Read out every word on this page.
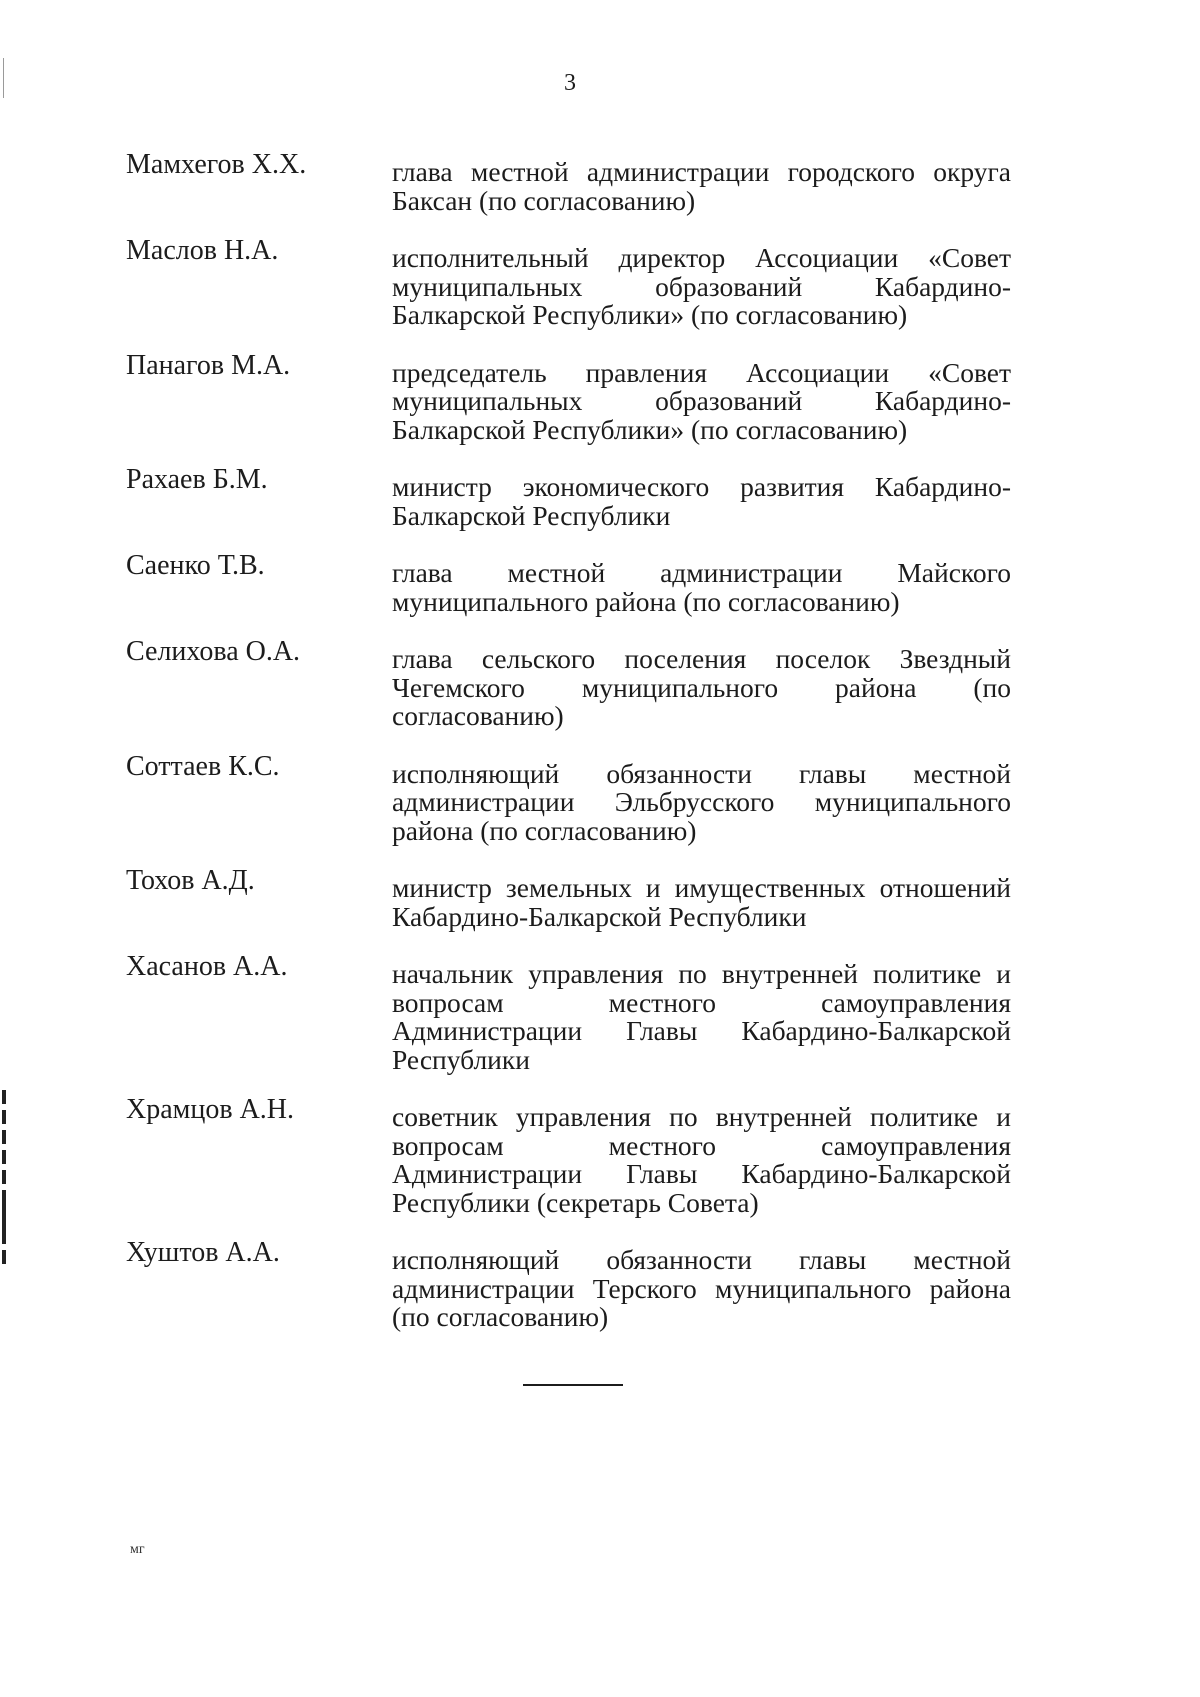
3
Мамхегов Х.Х.	глава местной администрации городского округа Баксан (по согласованию)
Маслов Н.А.	исполнительный директор Ассоциации «Совет муниципальных образований Кабардино-Балкарской Республики» (по согласованию)
Панагов М.А.	председатель правления Ассоциации «Совет муниципальных образований Кабардино-Балкарской Республики» (по согласованию)
Рахаев Б.М.	министр экономического развития Кабардино-Балкарской Республики
Саенко Т.В.	глава местной администрации Майского муниципального района (по согласованию)
Селихова О.А.	глава сельского поселения поселок Звездный Чегемского муниципального района (по согласованию)
Соттаев К.С.	исполняющий обязанности главы местной администрации Эльбрусского муниципального района (по согласованию)
Тохов А.Д.	министр земельных и имущественных отношений Кабардино-Балкарской Республики
Хасанов А.А.	начальник управления по внутренней политике и вопросам местного самоуправления Администрации Главы Кабардино-Балкарской Республики
Храмцов А.Н.	советник управления по внутренней политике и вопросам местного самоуправления Администрации Главы Кабардино-Балкарской Республики (секретарь Совета)
Хуштов А.А.	исполняющий обязанности главы местной администрации Терского муниципального района (по согласованию)
мг
